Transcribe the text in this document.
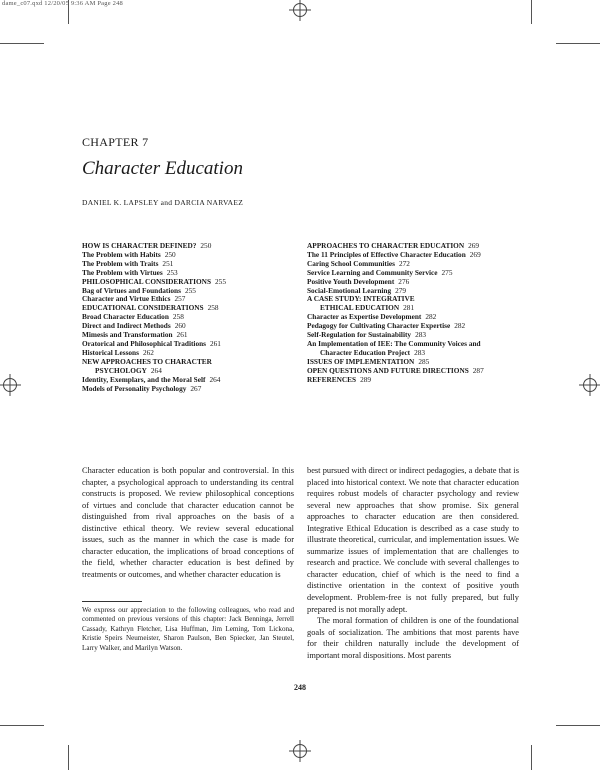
dame_c07.qxd 12/20/05 9:36 AM Page 248
CHAPTER 7
Character Education
DANIEL K. LAPSLEY and DARCIA NARVAEZ
HOW IS CHARACTER DEFINED? 250
The Problem with Habits 250
The Problem with Traits 251
The Problem with Virtues 253
PHILOSOPHICAL CONSIDERATIONS 255
Bag of Virtues and Foundations 255
Character and Virtue Ethics 257
EDUCATIONAL CONSIDERATIONS 258
Broad Character Education 258
Direct and Indirect Methods 260
Mimesis and Transformation 261
Oratorical and Philosophical Traditions 261
Historical Lessons 262
NEW APPROACHES TO CHARACTER
PSYCHOLOGY 264
Identity, Exemplars, and the Moral Self 264
Models of Personality Psychology 267
APPROACHES TO CHARACTER EDUCATION 269
The 11 Principles of Effective Character Education 269
Caring School Communities 272
Service Learning and Community Service 275
Positive Youth Development 276
Social-Emotional Learning 279
A CASE STUDY: INTEGRATIVE
ETHICAL EDUCATION 281
Character as Expertise Development 282
Pedagogy for Cultivating Character Expertise 282
Self-Regulation for Sustainability 283
An Implementation of IEE: The Community Voices and
Character Education Project 283
ISSUES OF IMPLEMENTATION 285
OPEN QUESTIONS AND FUTURE DIRECTIONS 287
REFERENCES 289

Character education is both popular and controversial. In this chapter, a psychological approach to understanding its central constructs is proposed. We review philosophical conceptions of virtues and conclude that character education cannot be distinguished from rival approaches on the basis of a distinctive ethical theory. We review several educational issues, such as the manner in which the case is made for character education, the implications of broad conceptions of the field, whether character education is best defined by treatments or outcomes, and whether character education is

We express our appreciation to the following colleagues, who read and commented on previous versions of this chapter: Jack Benninga, Jerrell Cassady, Kathryn Fletcher, Lisa Huffman, Jim Leming, Tom Lickona, Kristie Speirs Neumeister, Sharon Paulson, Ben Spiecker, Jan Steutel, Larry Walker, and Marilyn Watson.

best pursued with direct or indirect pedagogies, a debate that is placed into historical context. We note that character education requires robust models of character psychology and review several new approaches that show promise. Six general approaches to character education are then considered. Integrative Ethical Education is described as a case study to illustrate theoretical, curricular, and implementation issues. We summarize issues of implementation that are challenges to research and practice. We conclude with several challenges to character education, chief of which is the need to find a distinctive orientation in the context of positive youth development. Problem-free is not fully prepared, but fully prepared is not morally adept.

The moral formation of children is one of the foundational goals of socialization. The ambitions that most parents have for their children naturally include the development of important moral dispositions. Most parents

248
